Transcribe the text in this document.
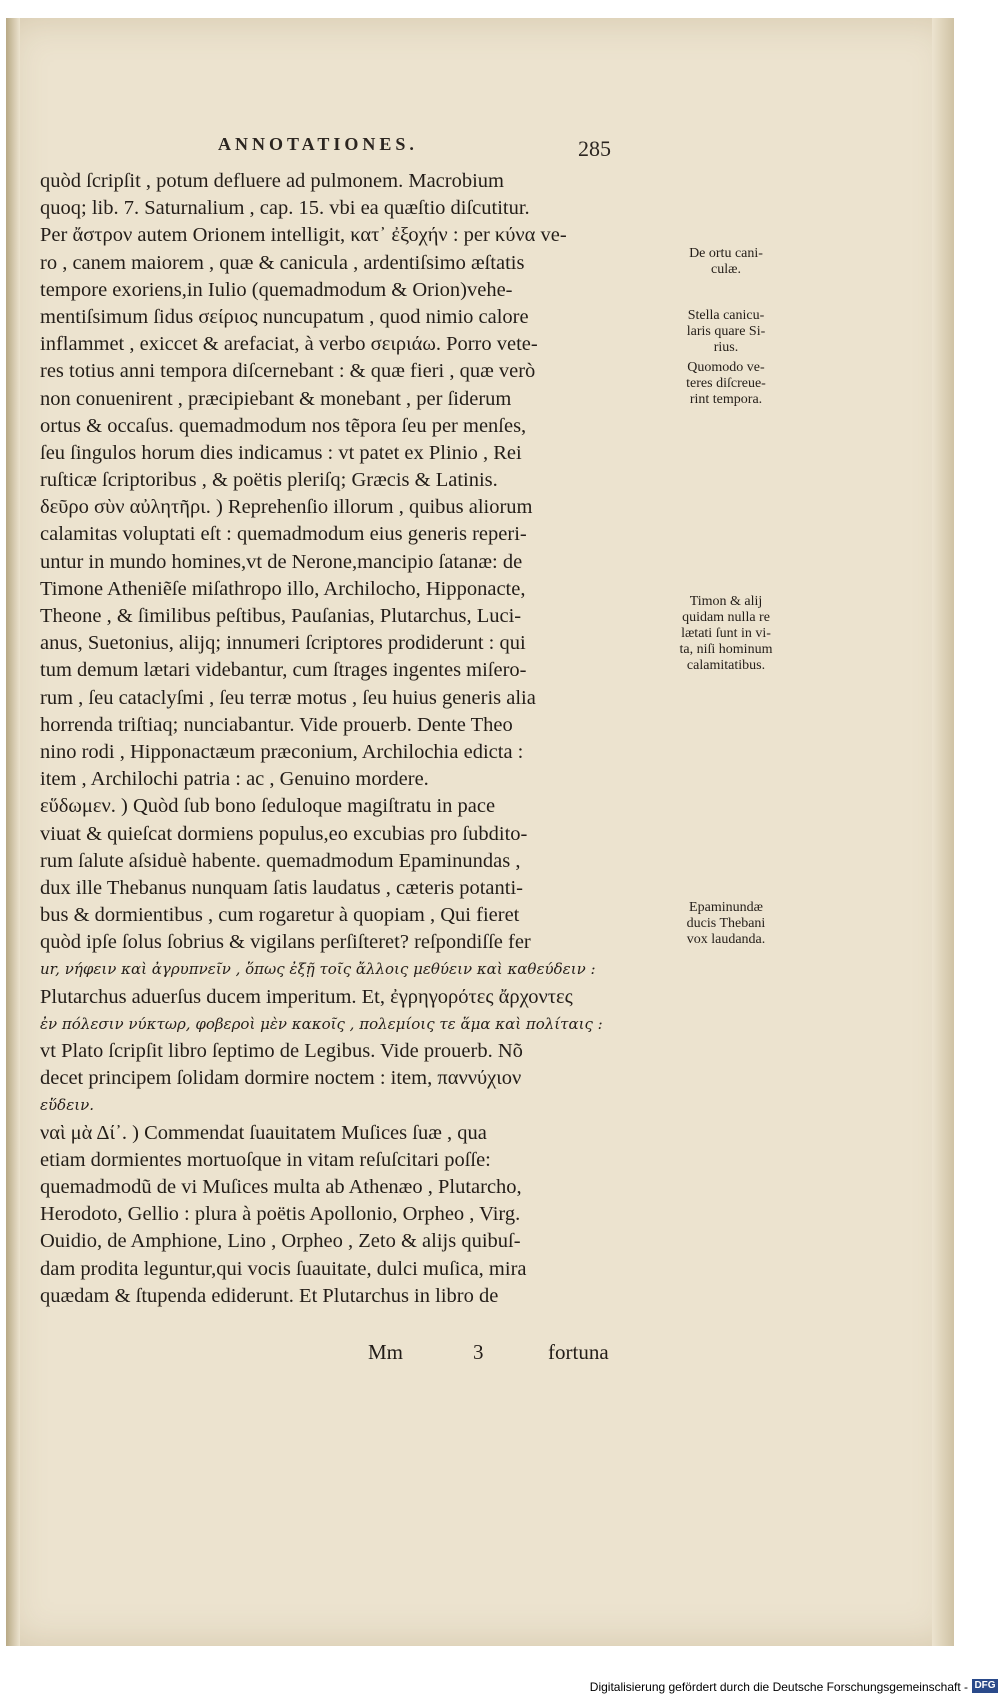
ANNOTATIONES.	285
quòd ſcripſit , potum defluere ad pulmonem. Macrobium
quoq; lib. 7. Saturnalium , cap. 15. vbi ea quæſtio diſcutitur.
Per ἄστρον autem Orionem intelligit, κατ᾽ ἐξοχήν : per κύνα ve-
ro , canem maiorem , quæ & canicula , ardentiſsimo æſtatis
tempore exoriens,in Iulio (quemadmodum & Orion)vehe-
mentiſsimum ſidus σείριος nuncupatum , quod nimio calore
inflammet , exiccet & arefaciat, à verbo σειριάω. Porro vete-
res totius anni tempora diſcernebant : & quæ fieri , quæ verò
non conuenirent , præcipiebant & monebant , per ſiderum
ortus & occaſus. quemadmodum nos tẽpora ſeu per menſes,
ſeu ſingulos horum dies indicamus : vt patet ex Plinio , Rei
ruſticæ ſcriptoribus , & poëtis pleriſq; Græcis & Latinis.
δεῦρο σὺν αὐλητῆρι. ) Reprehenſio illorum , quibus aliorum
calamitas voluptati eſt : quemadmodum eius generis reperi-
untur in mundo homines,vt de Nerone,mancipio ſatanæ: de
Timone Atheniẽſe miſathropo illo, Archilocho, Hipponacte,
Theone , & ſimilibus peſtibus, Pauſanias, Plutarchus, Luci-
anus, Suetonius, alijq; innumeri ſcriptores prodiderunt : qui
tum demum lætari videbantur, cum ſtrages ingentes miſero-
rum , ſeu cataclyſmi , ſeu terræ motus , ſeu huius generis alia
horrenda triſtiaq; nunciabantur. Vide prouerb. Dente Theo
nino rodi , Hipponactæum præconium, Archilochia edicta :
item , Archilochi patria : ac , Genuino mordere.
εὕδωμεν. ) Quòd ſub bono ſeduloque magiſtratu in pace
viuat & quieſcat dormiens populus,eo excubias pro ſubdito-
rum ſalute aſsiduè habente. quemadmodum Epaminundas ,
dux ille Thebanus nunquam ſatis laudatus , cæteris potanti-
bus & dormientibus , cum rogaretur à quopiam , Qui fieret
quòd ipſe ſolus ſobrius & vigilans perſiſteret? reſpondiſſe fer
ur, νήφειν καὶ ἀγρυπνεῖν , ὅπως ἐξῇ τοῖς ἄλλοις μεθύειν καὶ καθεύδειν :
Plutarchus aduerſus ducem imperitum. Et, ἐγρηγορότες ἄρχοντες
ἐν πόλεσιν νύκτωρ, φοβεροὶ μὲν κακοῖς , πολεμίοις τε ἅμα καὶ πολίταις :
vt Plato ſcripſit libro ſeptimo de Legibus. Vide prouerb. Nõ
decet principem ſolidam dormire noctem : item, παννύχιον
εὕδειν.
ναὶ μὰ Δί᾽. ) Commendat ſuauitatem Muſices ſuæ , qua
etiam dormientes mortuoſque in vitam reſuſcitari poſſe:
quemadmodũ de vi Muſices multa ab Athenæo , Plutarcho,
Herodoto, Gellio : plura à poëtis Apollonio, Orpheo , Virg.
Ouidio, de Amphione, Lino , Orpheo , Zeto & alijs quibuſ-
dam prodita leguntur,qui vocis ſuauitate, dulci muſica, mira
quædam & ſtupenda ediderunt. Et Plutarchus in libro de
De ortu cani-
culæ.
Stella canicu-
laris quare Si-
rius.
Quomodo ve-
teres diſcreue-
rint tempora.
Timon & alij
quidam nulla re
lætati ſunt in vi-
ta, niſi hominum
calamitatibus.
Epaminundæ
ducis Thebani
vox laudanda.
Mm	3	fortuna
Digitalisierung gefördert durch die Deutsche Forschungsgemeinschaft - DFG
